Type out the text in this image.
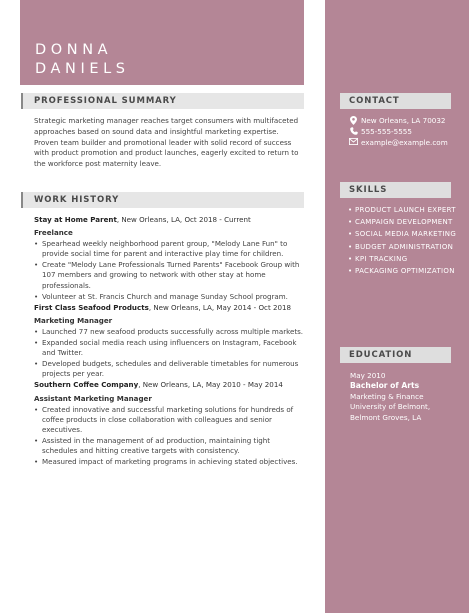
DONNA
DANIELS
PROFESSIONAL SUMMARY

Strategic marketing manager reaches target consumers with multifaceted approaches based on sound data and insightful marketing expertise. Proven team builder and promotional leader with solid record of success with product promotion and product launches, eagerly excited to return to the workforce post maternity leave.

WORK HISTORY
Stay at Home Parent, New Orleans, LA, Oct 2018 - Current
Freelance
• Spearhead weekly neighborhood parent group, "Melody Lane Fun" to provide social time for parent and interactive play time for children.
• Create "Melody Lane Professionals Turned Parents" Facebook Group with 107 members and growing to network with other stay at home professionals.
• Volunteer at St. Francis Church and manage Sunday School program.
First Class Seafood Products, New Orleans, LA, May 2014 - Oct 2018
Marketing Manager
• Launched 77 new seafood products successfully across multiple markets.
• Expanded social media reach using influencers on Instagram, Facebook and Twitter.
• Developed budgets, schedules and deliverable timetables for numerous projects per year.
Southern Coffee Company, New Orleans, LA, May 2010 - May 2014
Assistant Marketing Manager
• Created innovative and successful marketing solutions for hundreds of coffee products in close collaboration with colleagues and senior executives.
• Assisted in the management of ad production, maintaining tight schedules and hitting creative targets with consistency.
• Measured impact of marketing programs in achieving stated objectives.
CONTACT
New Orleans, LA 70032
555-555-5555
example@example.com
SKILLS
• PRODUCT LAUNCH EXPERT
• CAMPAIGN DEVELOPMENT
• SOCIAL MEDIA MARKETING
• BUDGET ADMINISTRATION
• KPI TRACKING
• PACKAGING OPTIMIZATION
EDUCATION
May 2010
Bachelor of Arts
Marketing & Finance
University of Belmont, Belmont Groves, LA
